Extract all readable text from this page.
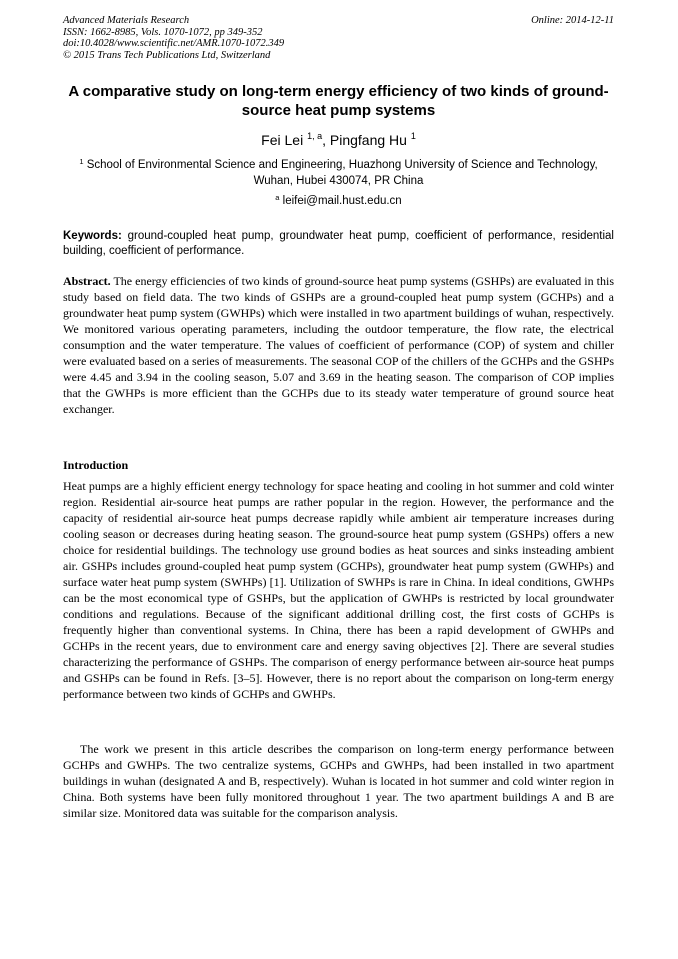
Advanced Materials Research
ISSN: 1662-8985, Vols. 1070-1072, pp 349-352
doi:10.4028/www.scientific.net/AMR.1070-1072.349
© 2015 Trans Tech Publications Ltd, Switzerland
Online: 2014-12-11
A comparative study on long-term energy efficiency of two kinds of ground-source heat pump systems
Fei Lei $^{1, a}$, Pingfang Hu $^1$
$^1$ School of Environmental Science and Engineering, Huazhong University of Science and Technology, Wuhan, Hubei 430074, PR China
$^a$ leifei@mail.hust.edu.cn
Keywords: ground-coupled heat pump, groundwater heat pump, coefficient of performance, residential building, coefficient of performance.
Abstract. The energy efficiencies of two kinds of ground-source heat pump systems (GSHPs) are evaluated in this study based on field data. The two kinds of GSHPs are a ground-coupled heat pump system (GCHPs) and a groundwater heat pump system (GWHPs) which were installed in two apartment buildings of wuhan, respectively. We monitored various operating parameters, including the outdoor temperature, the flow rate, the electrical consumption and the water temperature. The values of coefficient of performance (COP) of system and chiller were evaluated based on a series of measurements. The seasonal COP of the chillers of the GCHPs and the GSHPs were 4.45 and 3.94 in the cooling season, 5.07 and 3.69 in the heating season. The comparison of COP implies that the GWHPs is more efficient than the GCHPs due to its steady water temperature of ground source heat exchanger.
Introduction

Heat pumps are a highly efficient energy technology for space heating and cooling in hot summer and cold winter region. Residential air-source heat pumps are rather popular in the region. However, the performance and the capacity of residential air-source heat pumps decrease rapidly while ambient air temperature increases during cooling season or decreases during heating season. The ground-source heat pump system (GSHPs) offers a new choice for residential buildings. The technology use ground bodies as heat sources and sinks insteading ambient air. GSHPs includes ground-coupled heat pump system (GCHPs), groundwater heat pump system (GWHPs) and surface water heat pump system (SWHPs) [1]. Utilization of SWHPs is rare in China. In ideal conditions, GWHPs can be the most economical type of GSHPs, but the application of GWHPs is restricted by local groundwater conditions and regulations. Because of the significant additional drilling cost, the first costs of GCHPs is frequently higher than conventional systems. In China, there has been a rapid development of GWHPs and GCHPs in the recent years, due to environment care and energy saving objectives [2]. There are several studies characterizing the performance of GSHPs. The comparison of energy performance between air-source heat pumps and GSHPs can be found in Refs. [3–5]. However, there is no report about the comparison on long-term energy performance between two kinds of GCHPs and GWHPs.

The work we present in this article describes the comparison on long-term energy performance between GCHPs and GWHPs. The two centralize systems, GCHPs and GWHPs, had been installed in two apartment buildings in wuhan (designated A and B, respectively). Wuhan is located in hot summer and cold winter region in China. Both systems have been fully monitored throughout 1 year. The two apartment buildings A and B are similar size. Monitored data was suitable for the comparison analysis.
